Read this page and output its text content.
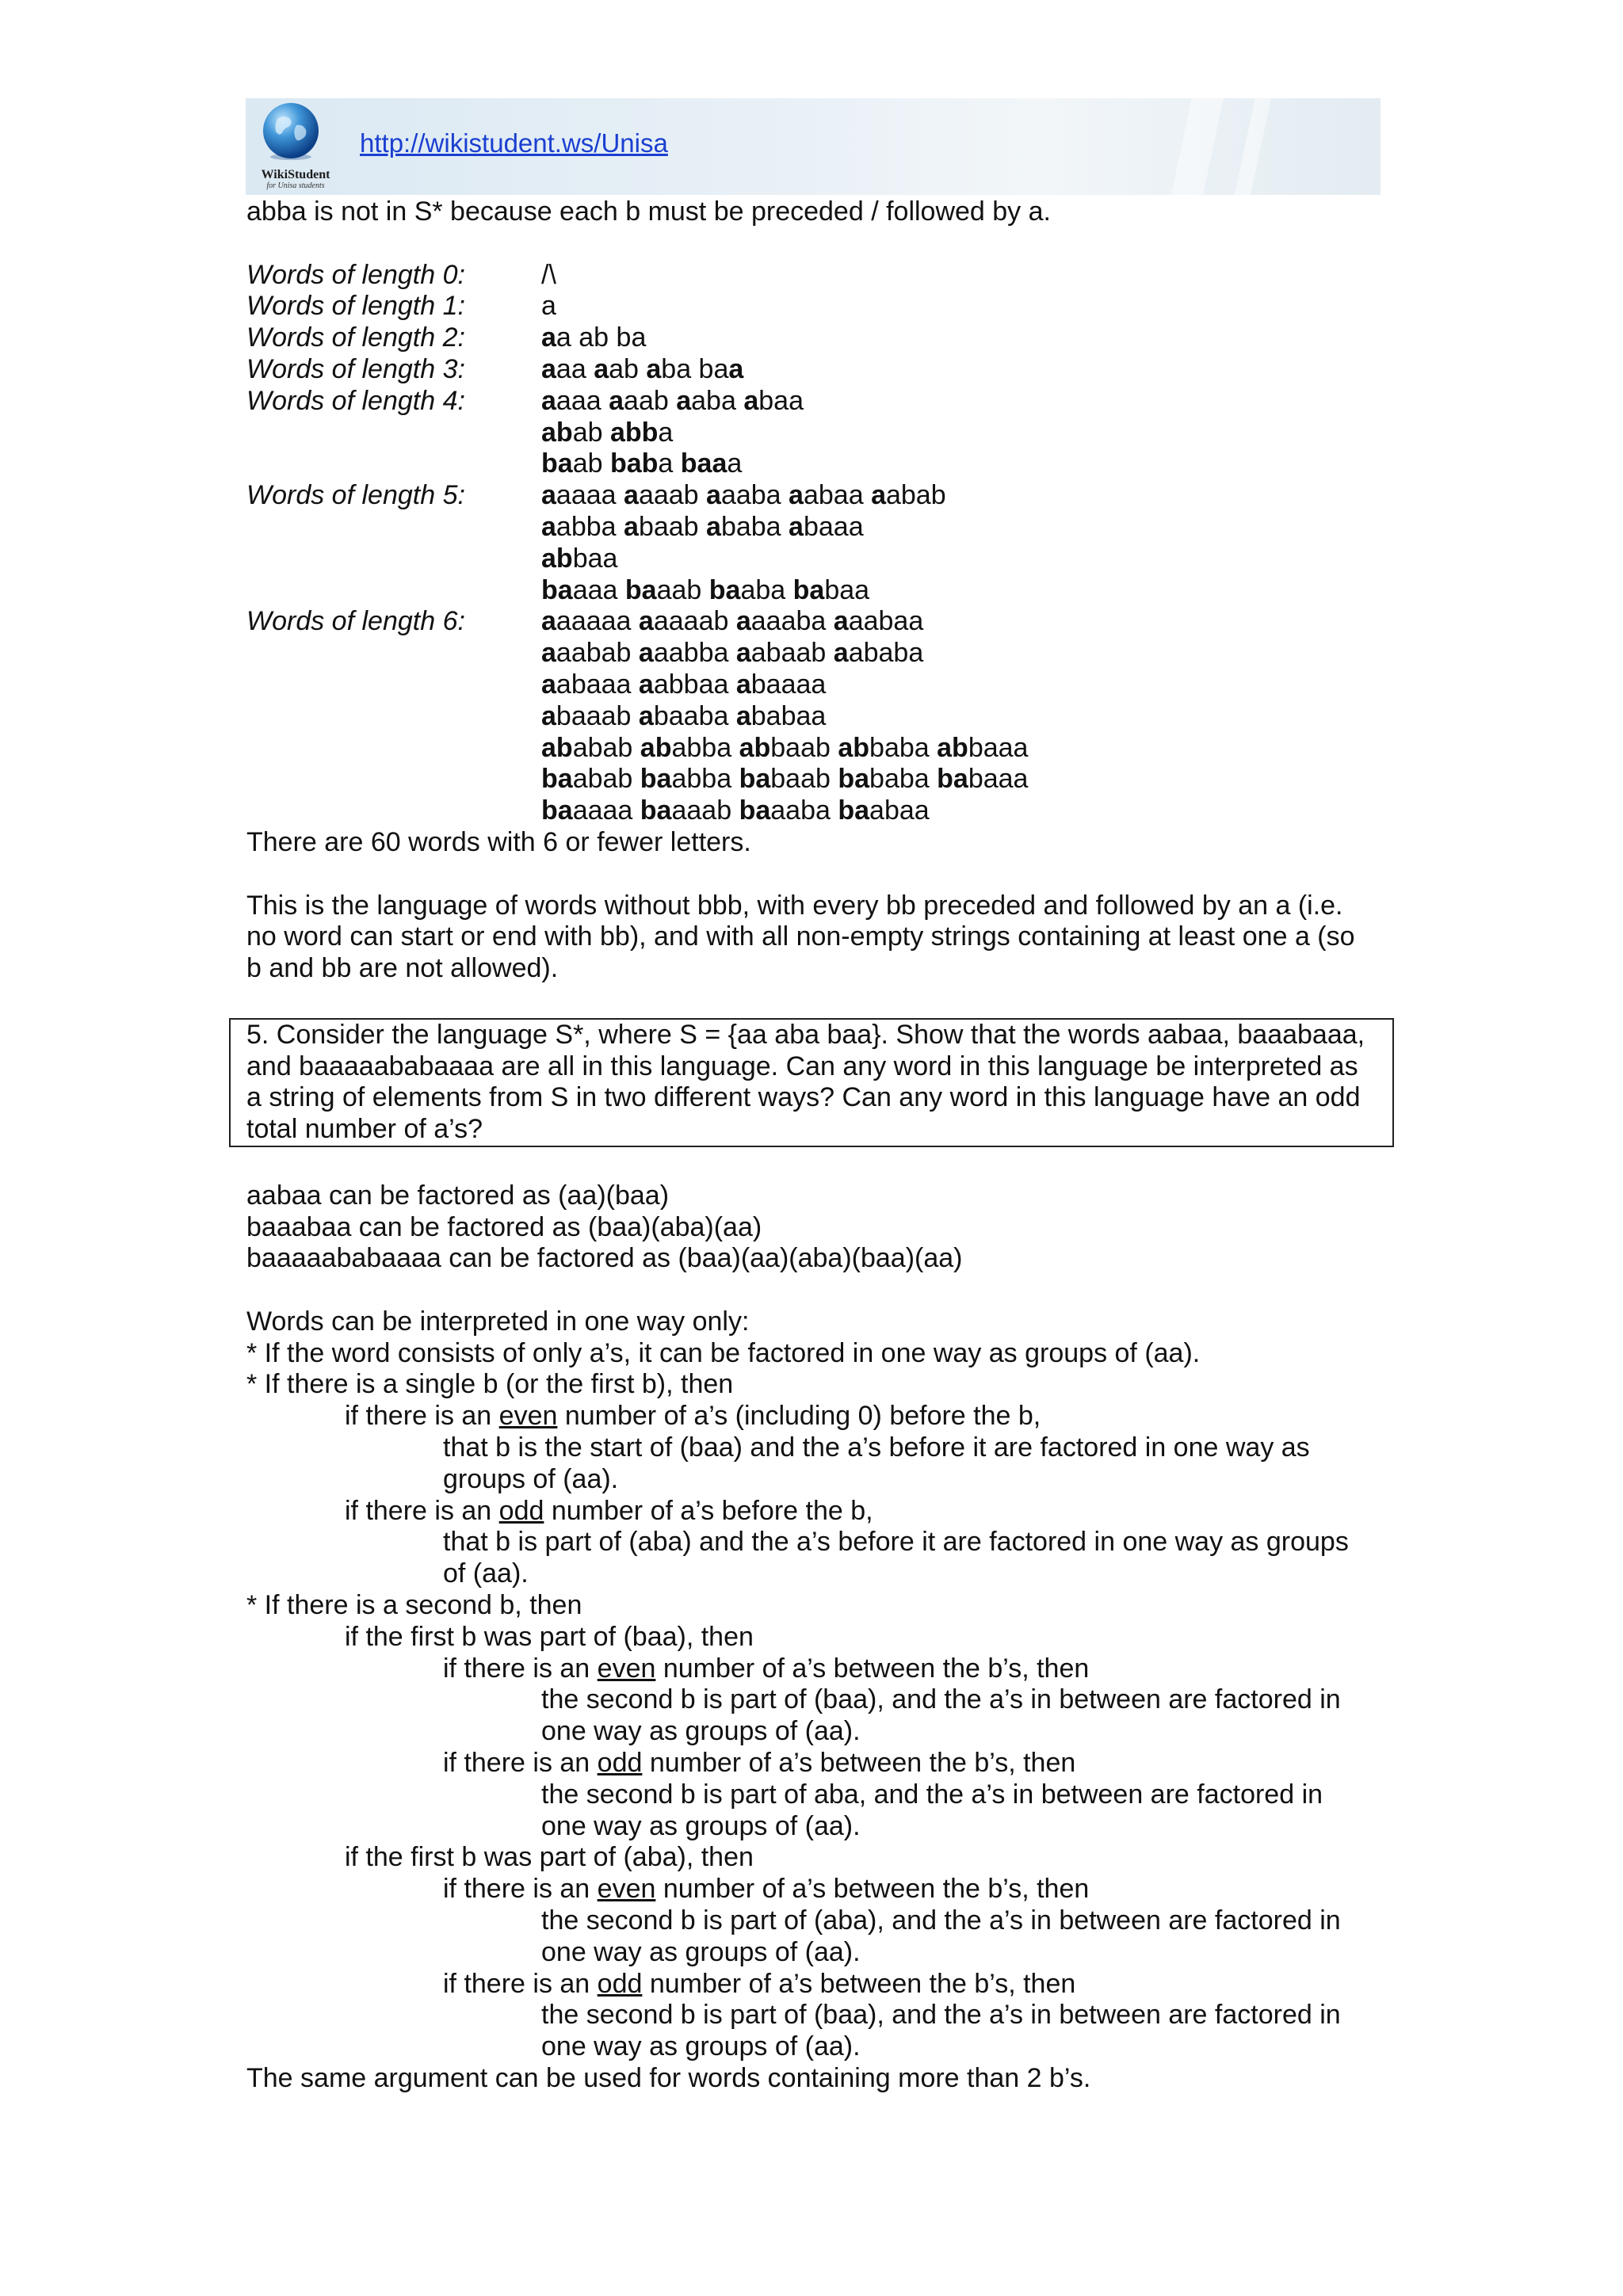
WikiStudent
for Unisa students
http://wikistudent.ws/Unisa
abba is not in S* because each b must be preceded / followed by a.
Words of length 0:	/\
Words of length 1:	a
Words of length 2:	aa ab ba
Words of length 3:	aaa aab aba baa
Words of length 4:	aaaa aaab aaba abaa
abab abba
baab baba baaa
Words of length 5:	aaaaa aaaab aaaba aabaa aabab
aabba abaab ababa abaaa
abbaa
baaaa baaab baaba babaa
Words of length 6:	aaaaaa aaaaab aaaaba aaabaa
aaabab aaabba aabaab aababa
aabaaa aabbaa abaaaa
abaaab abaaba ababaa
ababab ababba abbaab abbaba abbaaa
baabab baabba babaab bababa babaaa
baaaaa baaaab baaaba baabaa
There are 60 words with 6 or fewer letters.
This is the language of words without bbb, with every bb preceded and followed by an a (i.e.
no word can start or end with bb), and with all non-empty strings containing at least one a (so
b and bb are not allowed).
5. Consider the language S*, where S = {aa aba baa}. Show that the words aabaa, baaabaaa,
and baaaaababaaaa are all in this language. Can any word in this language be interpreted as
a string of elements from S in two different ways? Can any word in this language have an odd
total number of a’s?
aabaa can be factored as (aa)(baa)
baaabaa can be factored as (baa)(aba)(aa)
baaaaababaaaa can be factored as (baa)(aa)(aba)(baa)(aa)
Words can be interpreted in one way only:
* If the word consists of only a’s, it can be factored in one way as groups of (aa).
* If there is a single b (or the first b), then
if there is an even number of a’s (including 0) before the b,
that b is the start of (baa) and the a’s before it are factored in one way as
groups of (aa).
if there is an odd number of a’s before the b,
that b is part of (aba) and the a’s before it are factored in one way as groups
of (aa).
* If there is a second b, then
if the first b was part of (baa), then
if there is an even number of a’s between the b’s, then
the second b is part of (baa), and the a’s in between are factored in
one way as groups of (aa).
if there is an odd number of a’s between the b’s, then
the second b is part of aba, and the a’s in between are factored in
one way as groups of (aa).
if the first b was part of (aba), then
if there is an even number of a’s between the b’s, then
the second b is part of (aba), and the a’s in between are factored in
one way as groups of (aa).
if there is an odd number of a’s between the b’s, then
the second b is part of (baa), and the a’s in between are factored in
one way as groups of (aa).
The same argument can be used for words containing more than 2 b’s.
